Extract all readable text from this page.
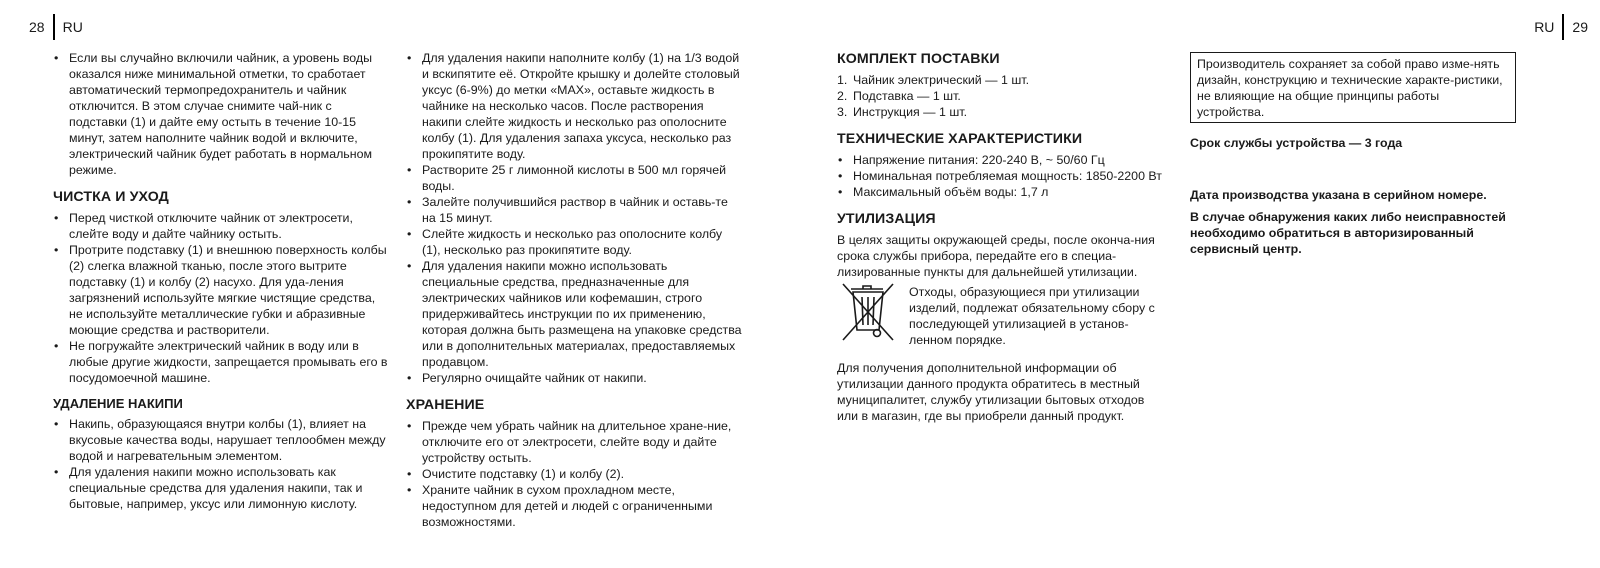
28 RU	RU 29
• Если вы случайно включили чайник, а уровень воды оказался ниже минимальной отметки, то сработает автоматический термопредохранитель и чайник отключится. В этом случае снимите чай-ник с подставки (1) и дайте ему остыть в течение 10-15 минут, затем наполните чайник водой и включите, электрический чайник будет работать в нормальном режиме.
ЧИСТКА И УХОД
• Перед чисткой отключите чайник от электросети, слейте воду и дайте чайнику остыть.
• Протрите подставку (1) и внешнюю поверхность колбы (2) слегка влажной тканью, после этого вытрите подставку (1) и колбу (2) насухо. Для уда-ления загрязнений используйте мягкие чистящие средства, не используйте металлические губки и абразивные моющие средства и растворители.
• Не погружайте электрический чайник в воду или в любые другие жидкости, запрещается промывать его в посудомоечной машине.
УДАЛЕНИЕ НАКИПИ
• Накипь, образующаяся внутри колбы (1), влияет на вкусовые качества воды, нарушает теплообмен между водой и нагревательным элементом.
• Для удаления накипи можно использовать как специальные средства для удаления накипи, так и бытовые, например, уксус или лимонную кислоту.
• Для удаления накипи наполните колбу (1) на 1/3 водой и вскипятите её. Откройте крышку и долейте столовый уксус (6-9%) до метки «MAX», оставьте жидкость в чайнике на несколько часов. После растворения накипи слейте жидкость и несколько раз ополосните колбу (1). Для удаления запаха уксуса, несколько раз прокипятите воду.
• Растворите 25 г лимонной кислоты в 500 мл горячей воды.
• Залейте получившийся раствор в чайник и оставь-те на 15 минут.
• Слейте жидкость и несколько раз ополосните колбу (1), несколько раз прокипятите воду.
• Для удаления накипи можно использовать специальные средства, предназначенные для электрических чайников или кофемашин, строго придерживайтесь инструкции по их применению, которая должна быть размещена на упаковке средства или в дополнительных материалах, предоставляемых продавцом.
• Регулярно очищайте чайник от накипи.
ХРАНЕНИЕ
• Прежде чем убрать чайник на длительное хране-ние, отключите его от электросети, слейте воду и дайте устройству остыть.
• Очистите подставку (1) и колбу (2).
• Храните чайник в сухом прохладном месте, недоступном для детей и людей с ограниченными возможностями.
КОМПЛЕКТ ПОСТАВКИ
1. Чайник электрический — 1 шт.
2. Подставка — 1 шт.
3. Инструкция — 1 шт.
ТЕХНИЧЕСКИЕ ХАРАКТЕРИСТИКИ
• Напряжение питания: 220-240 В, ~ 50/60 Гц
• Номинальная потребляемая мощность: 1850-2200 Вт
• Максимальный объём воды: 1,7 л
УТИЛИЗАЦИЯ

В целях защиты окружающей среды, после оконча-ния срока службы прибора, передайте его в специа-лизированные пункты для дальнейшей утилизации.

Отходы, образующиеся при утилизации изделий, подлежат обязательному сбору с последующей утилизацией в установ-ленном порядке.

Для получения дополнительной информации об утилизации данного продукта обратитесь в местный муниципалитет, службу утилизации бытовых отходов или в магазин, где вы приобрели данный продукт.

Производитель сохраняет за собой право изме-нять дизайн, конструкцию и технические характе-ристики, не влияющие на общие принципы работы устройства.

Срок службы устройства — 3 года

Дата производства указана в серийном номере.

В случае обнаружения каких либо неисправностей необходимо обратиться в авторизированный сервисный центр.
